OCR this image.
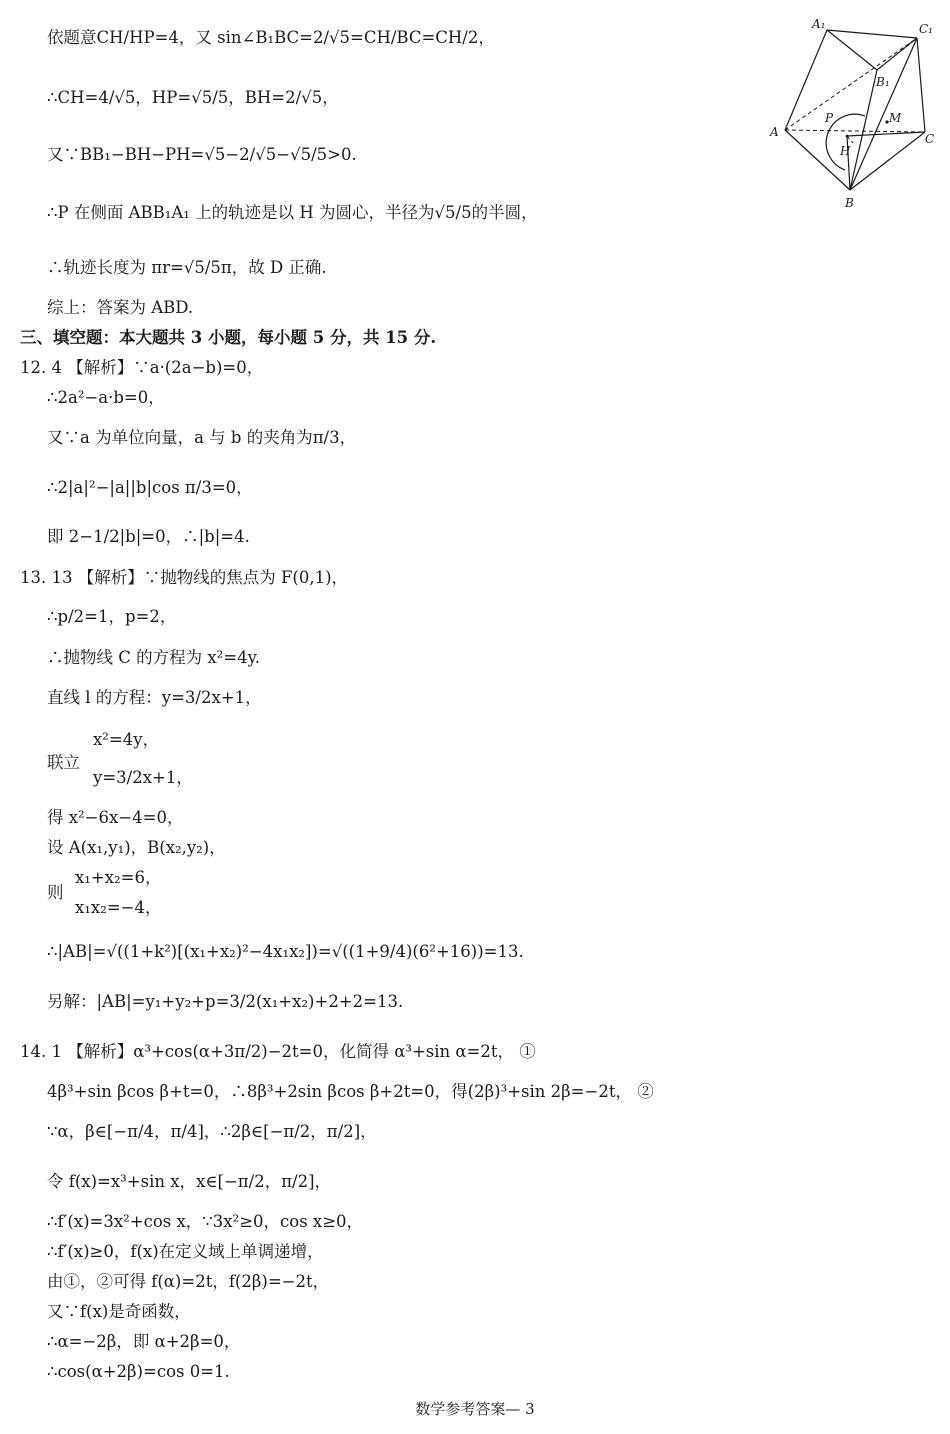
依题意CH/HP=4，又 sin∠B₁BC=2/√5=CH/BC=CH/2，
∴CH=4/√5，HP=√5/5，BH=2/√5，
又∵BB₁−BH−PH=√5−2/√5−√5/5>0.
∴P 在侧面 ABB₁A₁ 上的轨迹是以 H 为圆心，半径为√5/5的半圆，
∴轨迹长度为 πr=√5/5π，故 D 正确.
综上：答案为 ABD.
三、填空题：本大题共 3 小题，每小题 5 分，共 15 分.
12. 4 【解析】∵a·(2a−b)=0，
∴2a²−a·b=0，
又∵a 为单位向量，a 与 b 的夹角为π/3，
∴2|a|²−|a||b|cos π/3=0，
即 2−1/2|b|=0，∴|b|=4.
13. 13 【解析】∵抛物线的焦点为 F(0,1)，
∴p/2=1，p=2，
∴抛物线 C 的方程为 x²=4y.
直线 l 的方程：y=3/2x+1，
x²=4y，
联立
y=3/2x+1，
得 x²−6x−4=0，
设 A(x₁,y₁)，B(x₂,y₂)，
x₁+x₂=6，
则
x₁x₂=−4，
∴|AB|=√((1+k²)[(x₁+x₂)²−4x₁x₂])=√((1+9/4)(6²+16))=13.
另解：|AB|=y₁+y₂+p=3/2(x₁+x₂)+2+2=13.
14. 1 【解析】α³+cos(α+3π/2)−2t=0，化简得 α³+sin α=2t， ①
4β³+sin βcos β+t=0，∴8β³+2sin βcos β+2t=0，得(2β)³+sin 2β=−2t， ②
∵α，β∈[−π/4，π/4]，∴2β∈[−π/2，π/2]，
令 f(x)=x³+sin x，x∈[−π/2，π/2]，
∴f′(x)=3x²+cos x，∵3x²≥0，cos x≥0，
∴f′(x)≥0，f(x)在定义域上单调递增，
由①，②可得 f(α)=2t，f(2β)=−2t，
又∵f(x)是奇函数，
∴α=−2β，即 α+2β=0，
∴cos(α+2β)=cos 0=1.
A₁	C₁
B₁
M
P
A
H
C
B
数学参考答案— 3
